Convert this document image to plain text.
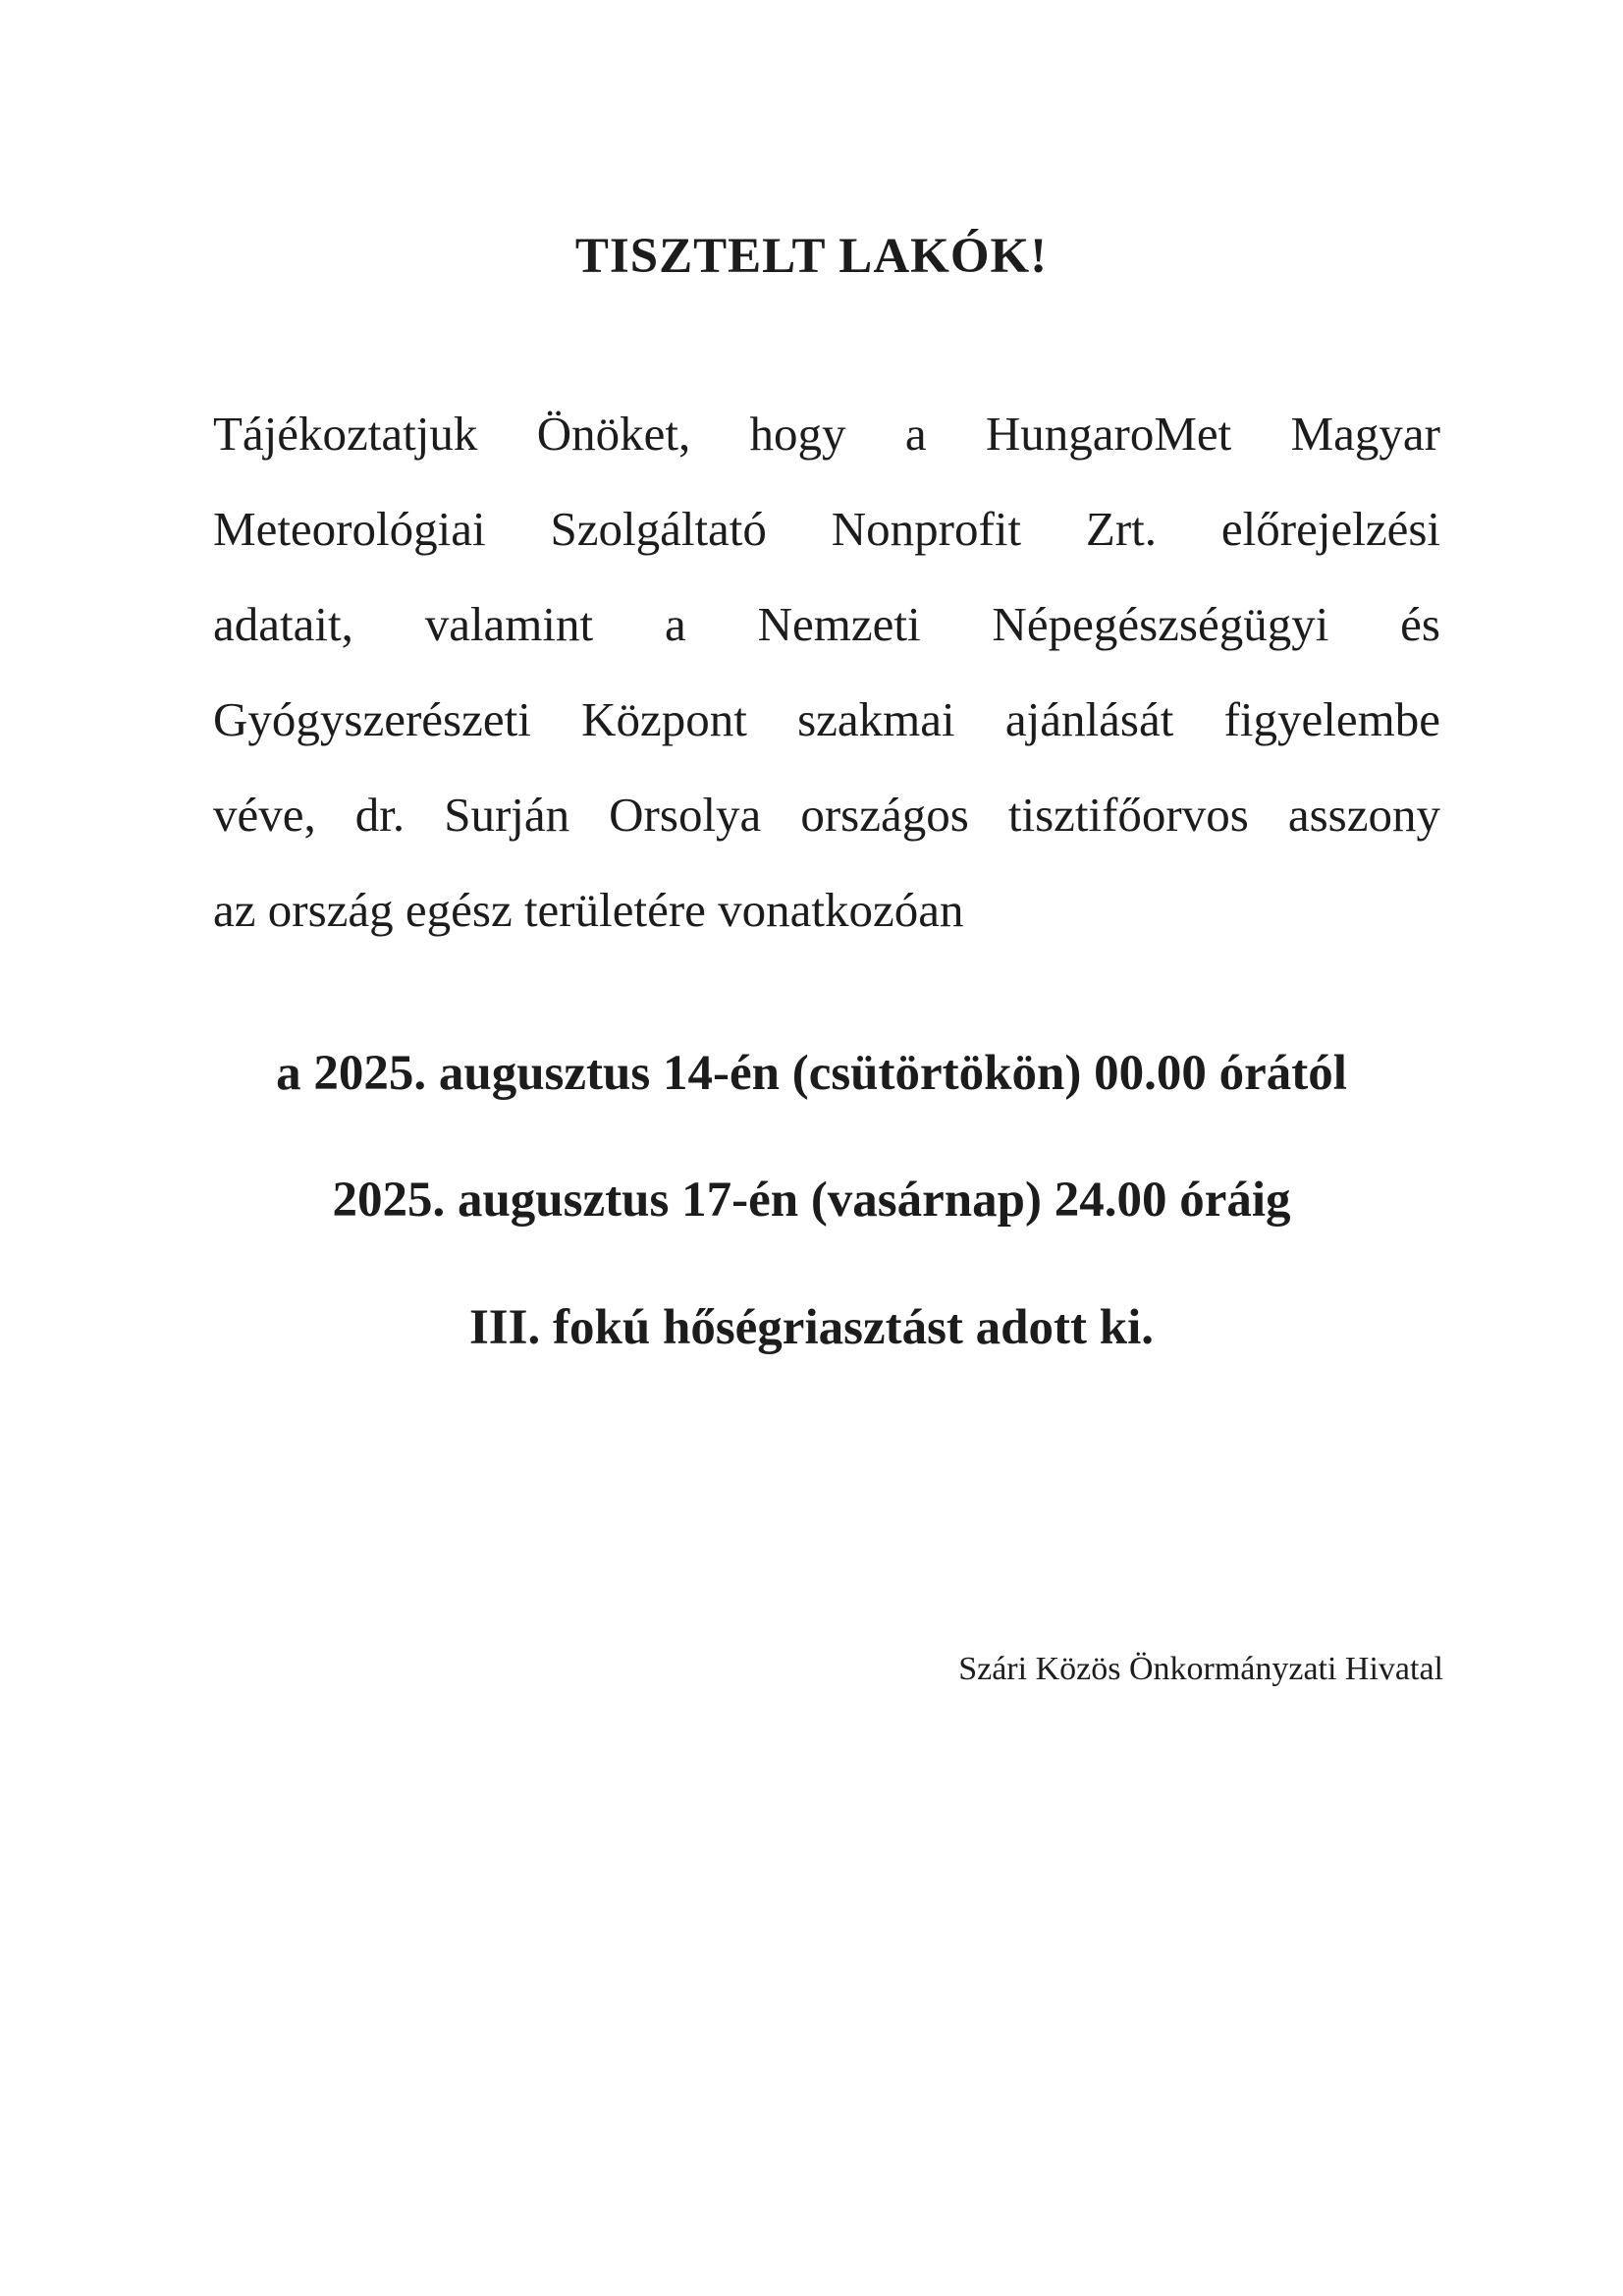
TISZTELT LAKÓK!
Tájékoztatjuk Önöket, hogy a HungaroMet Magyar
Meteorológiai Szolgáltató Nonprofit Zrt. előrejelzési
adatait, valamint a Nemzeti Népegészségügyi és
Gyógyszerészeti Központ szakmai ajánlását figyelembe
véve, dr. Surján Orsolya országos tisztifőorvos asszony
az ország egész területére vonatkozóan

a 2025. augusztus 14-én (csütörtökön) 00.00 órától

2025. augusztus 17-én (vasárnap) 24.00 óráig

III. fokú hőségriasztást adott ki.

Szári Közös Önkormányzati Hivatal
